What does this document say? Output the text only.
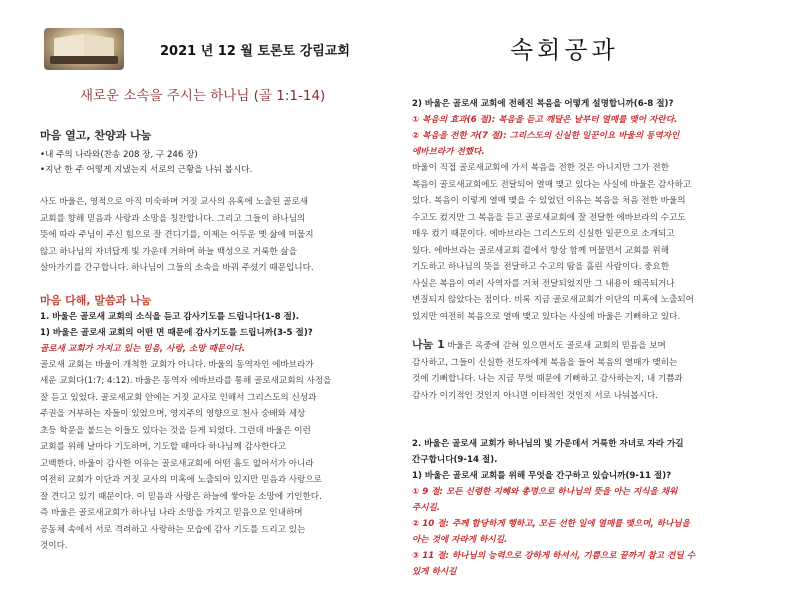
2021 년 12 월 토론토 강림교회	속회공과
새로운 소속을 주시는 하나님 (골 1:1-14)
마음 열고, 찬양과 나눔
•내 주의 나라와(찬송 208 장, 구 246 장)
•지난 한 주 어떻게 지냈는지 서로의 근황을 나눠 봅시다.
사도 바울은, 영적으로 아직 미숙하며 거짓 교사의 유혹에 노출된 골로새
교회를 향해 믿음과 사랑과 소망을 칭찬합니다. 그리고 그들이 하나님의
뜻에 따라 주님이 주신 힘으로 잘 견디기를, 이제는 어두운 옛 삶에 머물지
않고 하나님의 자녀답게 빛 가운데 거하며 하늘 백성으로 거룩한 삶을
살아가기를 간구합니다. 하나님이 그들의 소속을 바꿔 주셨기 때문입니다.
마음 다해, 말씀과 나눔
1. 바울은 골로새 교회의 소식을 듣고 감사기도를 드립니다(1-8 절).
1) 바울은 골로새 교회의 어떤 면 때문에 감사기도를 드립니까(3-5 절)?
골로새 교회가 가지고 있는 믿음, 사랑, 소망 때문이다.
골로새 교회는 바울이 개척한 교회가 아니다. 바울의 동역자인 에바브라가
세운 교회다(1:7; 4:12). 바울은 동역자 에바브라를 통해 골로새교회의 사정을
잘 듣고 있었다. 골로새교회 안에는 거짓 교사로 인해서 그리스도의 신성과
주권을 거부하는 자들이 있었으며, 영지주의 영향으로 천사 숭배와 세상
초등 학문을 붙드는 이들도 있다는 것을 듣게 되었다. 그런데 바울은 이런
교회를 위해 날마다 기도하며, 기도할 때마다 하나님께 감사한다고
고백한다. 바울이 감사한 이유는 골로새교회에 어떤 흠도 없어서가 아니라
여전히 교회가 이단과 거짓 교사의 미혹에 노출되어 있지만 믿음과 사랑으로
잘 견디고 있기 때문이다. 이 믿음과 사랑은 하늘에 쌓아둔 소망에 기인한다.
즉 바울은 골로새교회가 하나님 나라 소망을 가지고 믿음으로 인내하며
공동체 속에서 서로 격려하고 사랑하는 모습에 감사 기도를 드리고 있는
것이다.
2) 바울은 골로새 교회에 전해진 복음을 어떻게 설명합니까(6-8 절)?
① 복음의 효과(6 절): 복음을 듣고 깨달은 날부터 열매를 맺어 자란다.
② 복음을 전한 자(7 절): 그리스도의 신실한 일꾼이요 바울의 동역자인
에바브라가 전했다.
바울이 직접 골로새교회에 가서 복음을 전한 것은 아니지만 그가 전한
복음이 골로새교회에도 전달되어 열매 맺고 있다는 사실에 바울은 감사하고
있다. 복음이 이렇게 열매 맺을 수 있었던 이유는 복음을 처음 전한 바울의
수고도 컸지만 그 복음을 듣고 골로새교회에 잘 전달한 에바브라의 수고도
매우 컸기 때문이다. 에바브라는 그리스도의 신실한 일꾼으로 소개되고
있다. 에바브라는 골로새교회 곁에서 항상 함께 머물면서 교회를 위해
기도하고 하나님의 뜻을 전달하고 수고의 땀을 흘린 사람이다. 중요한
사실은 복음이 여러 사역자를 거쳐 전달되었지만 그 내용이 왜곡되거나
변질되지 않았다는 점이다. 비록 지금 골로새교회가 이단의 미혹에 노출되어
있지만 여전히 복음으로 열매 맺고 있다는 사실에 바울은 기뻐하고 있다.
나눔 1 바울은 옥중에 갇혀 있으면서도 골로새 교회의 믿음을 보며
감사하고, 그들이 신실한 전도자에게 복음을 들어 복음의 열매가 맺히는
것에 기뻐합니다. 나는 지금 무엇 때문에 기뻐하고 감사하는지, 내 기쁨과
감사가 이기적인 것인지 아니면 이타적인 것인지 서로 나눠봅시다.
2. 바울은 골로새 교회가 하나님의 빛 가운데서 거룩한 자녀로 자라 가길
간구합니다(9-14 절).
1) 바울은 골로새 교회를 위해 무엇을 간구하고 있습니까(9-11 절)?
① 9 절: 모든 신령한 지혜와 총명으로 하나님의 뜻을 아는 지식을 채워
주시길.
② 10 절: 주께 합당하게 행하고, 모든 선한 일에 열매를 맺으며, 하나님을
아는 것에 자라게 하시길.
③ 11 절: 하나님의 능력으로 강하게 하셔서, 기쁨으로 끝까지 참고 견딜 수
있게 하시길
